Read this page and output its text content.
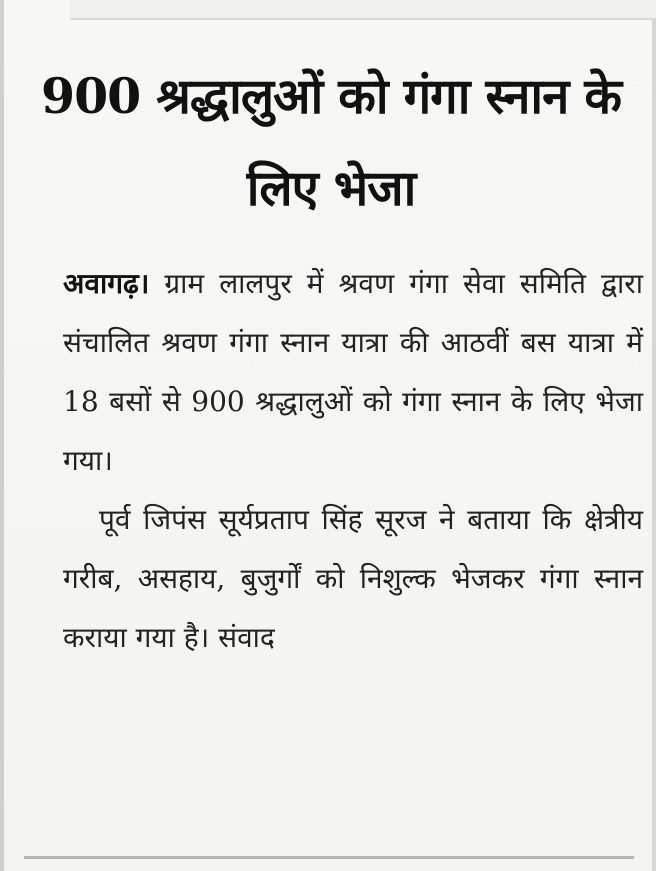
900 श्रद्धालुओं को गंगा स्नान के लिए भेजा

अवागढ़। ग्राम लालपुर में श्रवण गंगा सेवा समिति द्वारा संचालित श्रवण गंगा स्नान यात्रा की आठवीं बस यात्रा में 18 बसों से 900 श्रद्धालुओं को गंगा स्नान के लिए भेजा गया।

पूर्व जिपंस सूर्यप्रताप सिंह सूरज ने बताया कि क्षेत्रीय गरीब, असहाय, बुजुर्गों को निशुल्क भेजकर गंगा स्नान कराया गया है। संवाद
